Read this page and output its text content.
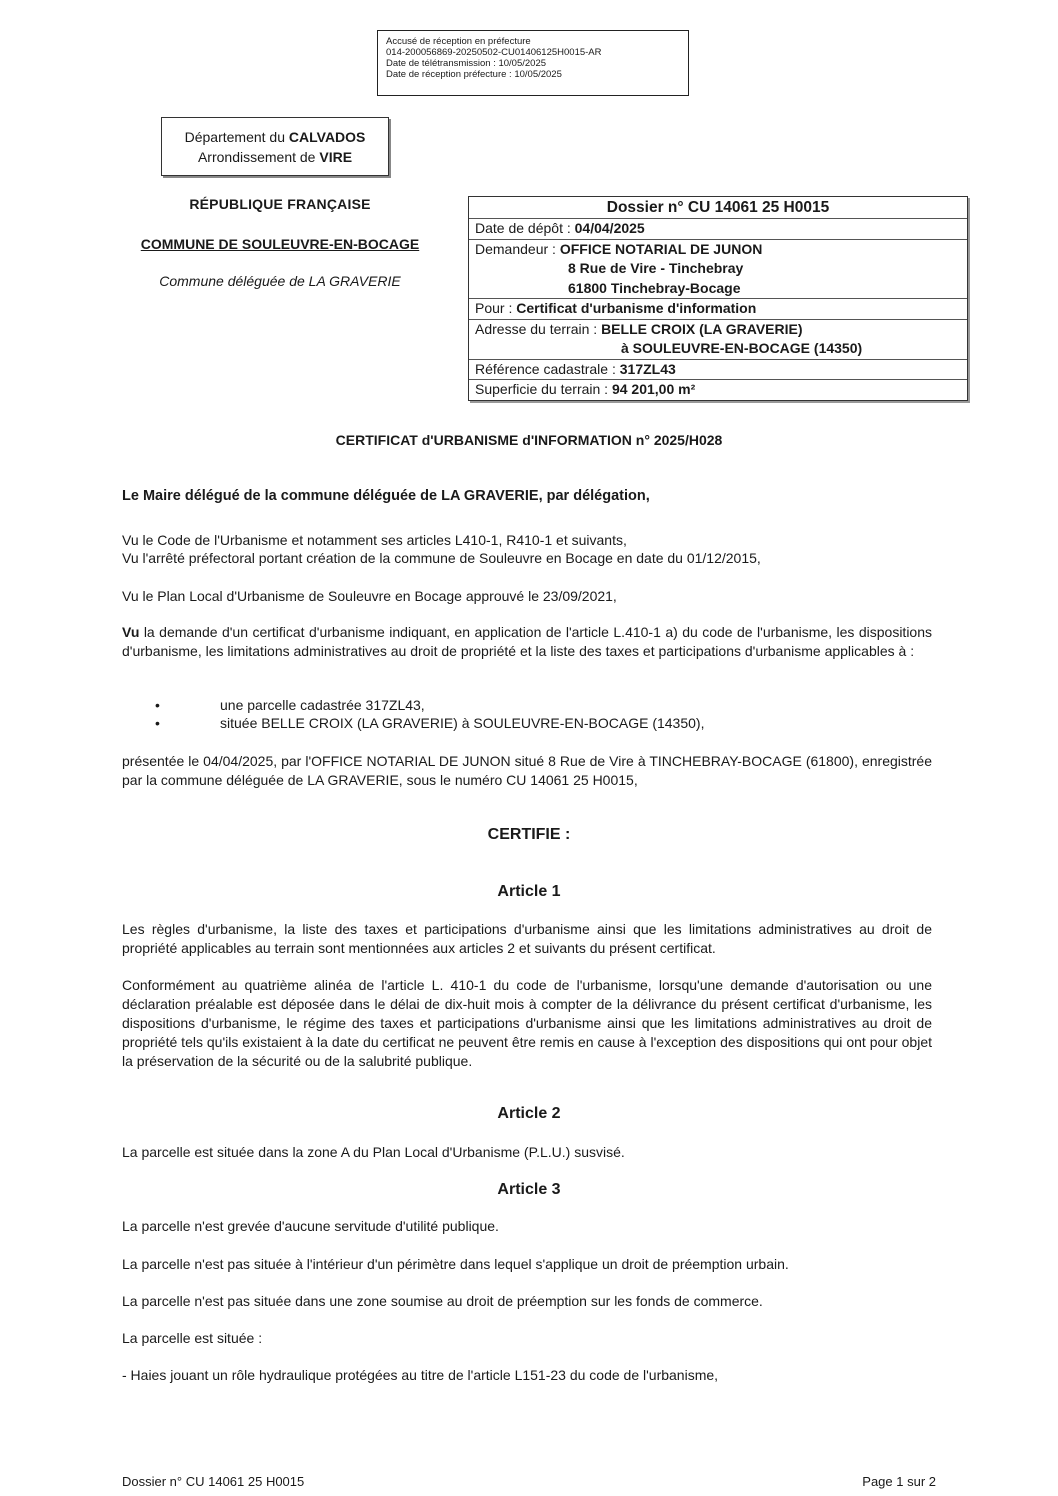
Accusé de réception en préfecture
014-200056869-20250502-CU01406125H0015-AR
Date de télétransmission : 10/05/2025
Date de réception préfecture : 10/05/2025
Département du CALVADOS
Arrondissement de VIRE
RÉPUBLIQUE FRANÇAISE
COMMUNE DE SOULEUVRE-EN-BOCAGE
Commune déléguée de LA GRAVERIE
Dossier n° CU 14061 25 H0015
Date de dépôt : 04/04/2025
Demandeur : OFFICE NOTARIAL DE JUNON
8 Rue de Vire - Tinchebray
61800 Tinchebray-Bocage
Pour : Certificat d'urbanisme d'information
Adresse du terrain : BELLE CROIX (LA GRAVERIE)
à SOULEUVRE-EN-BOCAGE (14350)
Référence cadastrale : 317ZL43
Superficie du terrain : 94 201,00 m²
CERTIFICAT d'URBANISME d'INFORMATION n° 2025/H028
Le Maire délégué de la commune déléguée de LA GRAVERIE, par délégation,
Vu le Code de l'Urbanisme et notamment ses articles L410-1, R410-1 et suivants,
Vu l'arrêté préfectoral portant création de la commune de Souleuvre en Bocage en date du 01/12/2015,
Vu le Plan Local d'Urbanisme de Souleuvre en Bocage approuvé le 23/09/2021,
Vu la demande d'un certificat d'urbanisme indiquant, en application de l'article L.410-1 a) du code de l'urbanisme, les dispositions d'urbanisme, les limitations administratives au droit de propriété et la liste des taxes et participations d'urbanisme applicables à :
•	une parcelle cadastrée 317ZL43,
•	située BELLE CROIX (LA GRAVERIE) à SOULEUVRE-EN-BOCAGE (14350),
présentée le 04/04/2025, par l'OFFICE NOTARIAL DE JUNON situé 8 Rue de Vire à TINCHEBRAY-BOCAGE (61800), enregistrée par la commune déléguée de LA GRAVERIE, sous le numéro CU 14061 25 H0015,
CERTIFIE :
Article 1
Les règles d'urbanisme, la liste des taxes et participations d'urbanisme ainsi que les limitations administratives au droit de propriété applicables au terrain sont mentionnées aux articles 2 et suivants du présent certificat.
Conformément au quatrième alinéa de l'article L. 410-1 du code de l'urbanisme, lorsqu'une demande d'autorisation ou une déclaration préalable est déposée dans le délai de dix-huit mois à compter de la délivrance du présent certificat d'urbanisme, les dispositions d'urbanisme, le régime des taxes et participations d'urbanisme ainsi que les limitations administratives au droit de propriété tels qu'ils existaient à la date du certificat ne peuvent être remis en cause à l'exception des dispositions qui ont pour objet la préservation de la sécurité ou de la salubrité publique.
Article 2
La parcelle est située dans la zone A du Plan Local d'Urbanisme (P.L.U.) susvisé.
Article 3
La parcelle n'est grevée d'aucune servitude d'utilité publique.
La parcelle n'est pas située à l'intérieur d'un périmètre dans lequel s'applique un droit de préemption urbain.
La parcelle n'est pas située dans une zone soumise au droit de préemption sur les fonds de commerce.
La parcelle est située :
- Haies jouant un rôle hydraulique protégées au titre de l'article L151-23 du code de l'urbanisme,
Dossier n° CU 14061 25 H0015	Page 1 sur 2
